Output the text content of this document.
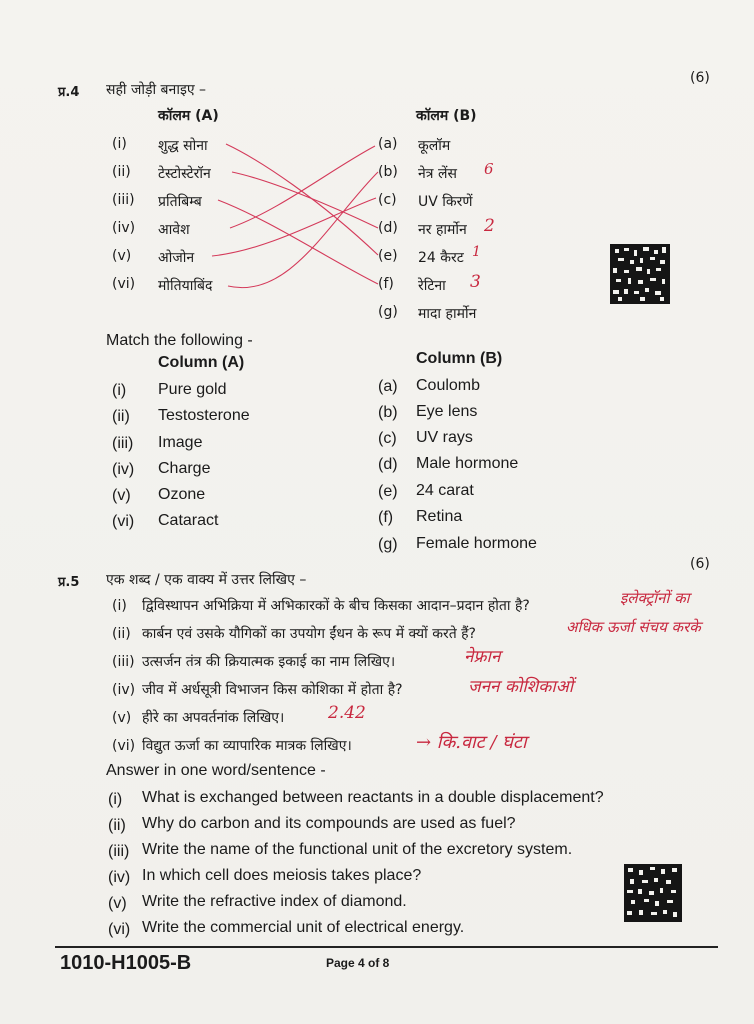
प्र.4 सही जोड़ी बनाइए –
(6)
कॉलम (A)	कॉलम (B)
(i) शुद्ध सोना
(ii) टेस्टोस्टेरॉन
(iii) प्रतिबिम्ब
(iv) आवेश
(v) ओजोन
(vi) मोतियाबिंद
(a) कूलॉम
(b) नेत्र लेंस
(c) UV किरणें
(d) नर हार्मोन
(e) 24 कैरट
(f) रेटिना
(g) मादा हार्मोन
6
2
1
3
Match the following -
Column (A)	Column (B)
(i) Pure gold
(ii) Testosterone
(iii) Image
(iv) Charge
(v) Ozone
(vi) Cataract
(a) Coulomb
(b) Eye lens
(c) UV rays
(d) Male hormone
(e) 24 carat
(f) Retina
(g) Female hormone
प्र.5 एक शब्द / एक वाक्य में उत्तर लिखिए –
(6)
(i) द्विविस्थापन अभिक्रिया में अभिकारकों के बीच किसका आदान–प्रदान होता है?	इलेक्ट्रॉनों का
(ii) कार्बन एवं उसके यौगिकों का उपयोग ईंधन के रूप में क्यों करते हैं?	अधिक ऊर्जा संचय करके
(iii) उत्सर्जन तंत्र की क्रियात्मक इकाई का नाम लिखिए।	नेफ्रान
(iv) जीव में अर्धसूत्री विभाजन किस कोशिका में होता है?	जनन कोशिकाओं
(v) हीरे का अपवर्तनांक लिखिए।	2.42
(vi) विद्युत ऊर्जा का व्यापारिक मात्रक लिखिए।	→ कि.वाट / घंटा
Answer in one word/sentence -
(i) What is exchanged between reactants in a double displacement?
(ii) Why do carbon and its compounds are used as fuel?
(iii) Write the name of the functional unit of the excretory system.
(iv) In which cell does meiosis takes place?
(v) Write the refractive index of diamond.
(vi) Write the commercial unit of electrical energy.
1010-H1005-B	Page 4 of 8
